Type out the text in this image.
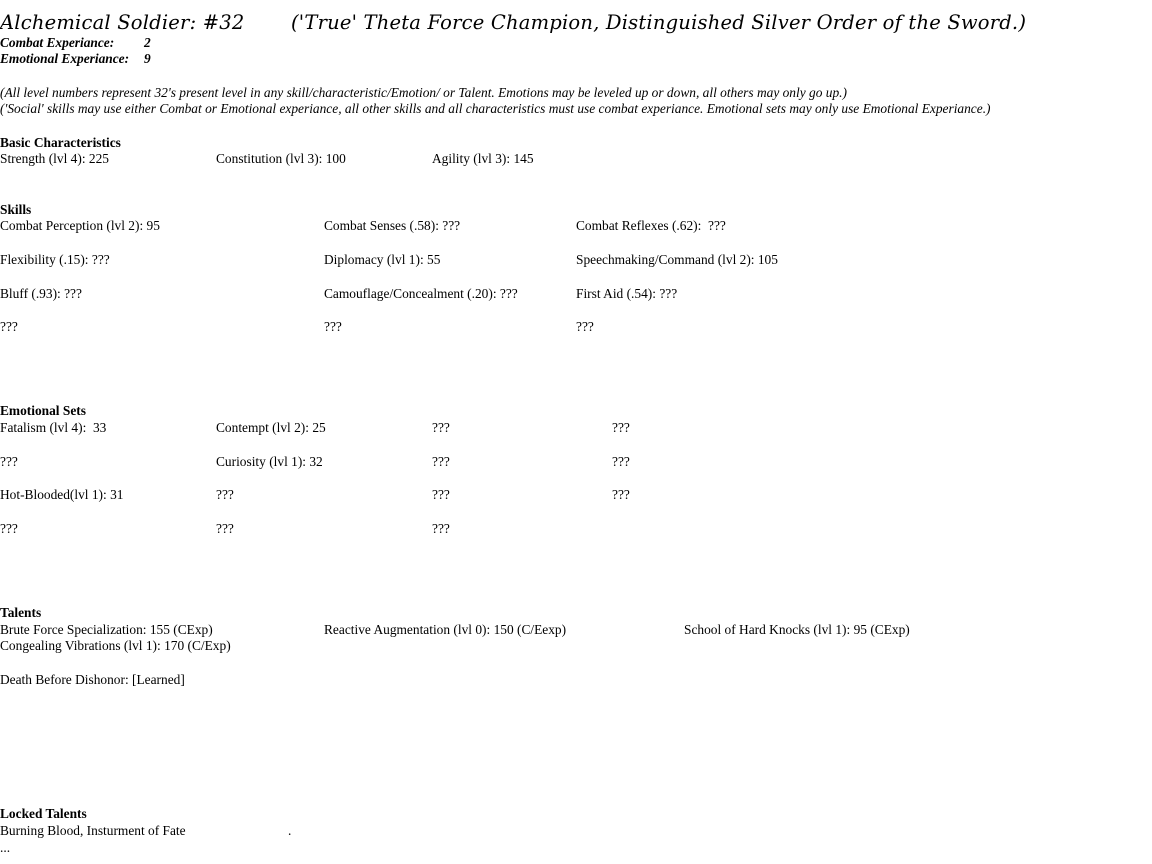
Alchemical Soldier: #32 ('True' Theta Force Champion, Distinguished Silver Order of the Sword.)
Combat Experiance: 2
Emotional Experiance: 9
(All level numbers represent 32's present level in any skill/characteristic/Emotion/ or Talent. Emotions may be leveled up or down, all others may only go up.)
('Social' skills may use either Combat or Emotional experiance, all other skills and all characteristics must use combat experiance. Emotional sets may only use Emotional Experiance.)
Basic Characteristics
Strength (lvl 4): 225	Constitution (lvl 3): 100	Agility (lvl 3): 145
Skills
Combat Perception (lvl 2): 95	Combat Senses (.58): ???	Combat Reflexes (.62):  ???
Flexibility (.15): ???	Diplomacy (lvl 1): 55	Speechmaking/Command (lvl 2): 105
Bluff (.93): ???	Camouflage/Concealment (.20): ???	First Aid (.54): ???
???	???	???
Emotional Sets
Fatalism (lvl 4):  33	Contempt (lvl 2): 25	???	???
???	Curiosity (lvl 1): 32	???	???
Hot-Blooded(lvl 1): 31	???	???	???
???	???	???
Talents
Brute Force Specialization: 155 (CExp)	Reactive Augmentation (lvl 0): 150 (C/Eexp)	School of Hard Knocks (lvl 1): 95 (CExp)
Congealing Vibrations (lvl 1): 170 (C/Exp)
Death Before Dishonor: [Learned]
Locked Talents
Burning Blood, Insturment of Fate	.
...
